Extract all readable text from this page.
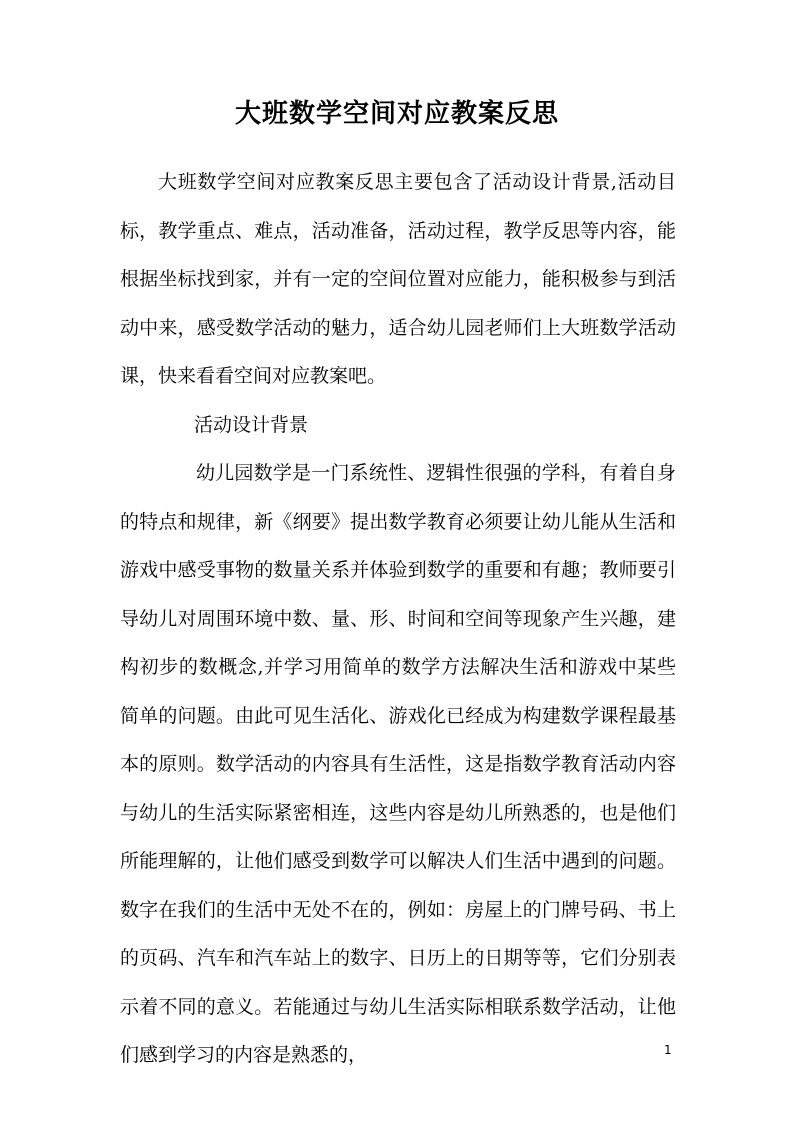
大班数学空间对应教案反思

大班数学空间对应教案反思主要包含了活动设计背景,活动目标，教学重点、难点，活动准备，活动过程，教学反思等内容，能根据坐标找到家，并有一定的空间位置对应能力，能积极参与到活动中来，感受数学活动的魅力，适合幼儿园老师们上大班数学活动课，快来看看空间对应教案吧。

活动设计背景

幼儿园数学是一门系统性、逻辑性很强的学科，有着自身的特点和规律，新《纲要》提出数学教育必须要让幼儿能从生活和游戏中感受事物的数量关系并体验到数学的重要和有趣；教师要引导幼儿对周围环境中数、量、形、时间和空间等现象产生兴趣，建构初步的数概念,并学习用简单的数学方法解决生活和游戏中某些简单的问题。由此可见生活化、游戏化已经成为构建数学课程最基本的原则。数学活动的内容具有生活性，这是指数学教育活动内容与幼儿的生活实际紧密相连，这些内容是幼儿所熟悉的，也是他们所能理解的，让他们感受到数学可以解决人们生活中遇到的问题。数字在我们的生活中无处不在的，例如：房屋上的门牌号码、书上的页码、汽车和汽车站上的数字、日历上的日期等等，它们分别表示着不同的意义。若能通过与幼儿生活实际相联系数学活动，让他们感到学习的内容是熟悉的，	1
